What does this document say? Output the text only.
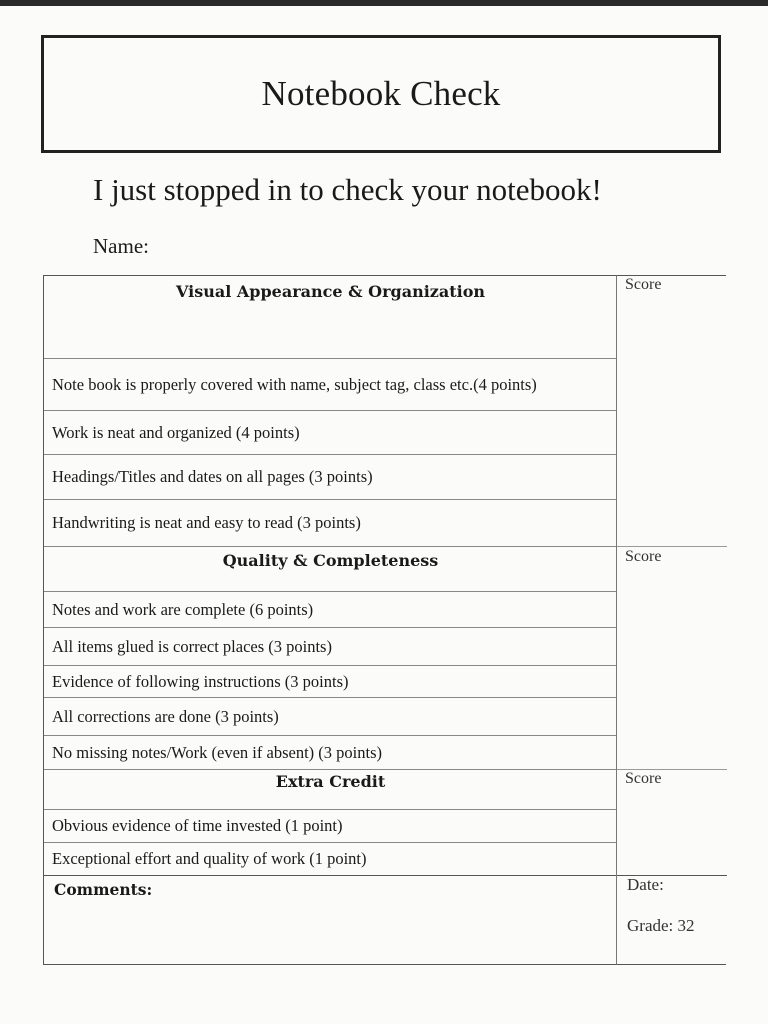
Notebook Check
I just stopped in to check your notebook!
Name:
Visual Appearance & Organization
Note book is properly covered with name, subject tag, class etc.(4 points)
Work is neat and organized (4 points)
Headings/Titles and dates on all pages (3 points)
Handwriting is neat and easy to read (3 points)
Quality & Completeness
Notes and work are complete (6 points)
All items glued is correct places (3 points)
Evidence of following instructions (3 points)
All corrections are done (3 points)
No missing notes/Work (even if absent) (3 points)
Extra Credit
Obvious evidence of time invested (1 point)
Exceptional effort and quality of work (1 point)
Comments:
Score
Score
Score
Date:
Grade: 32
